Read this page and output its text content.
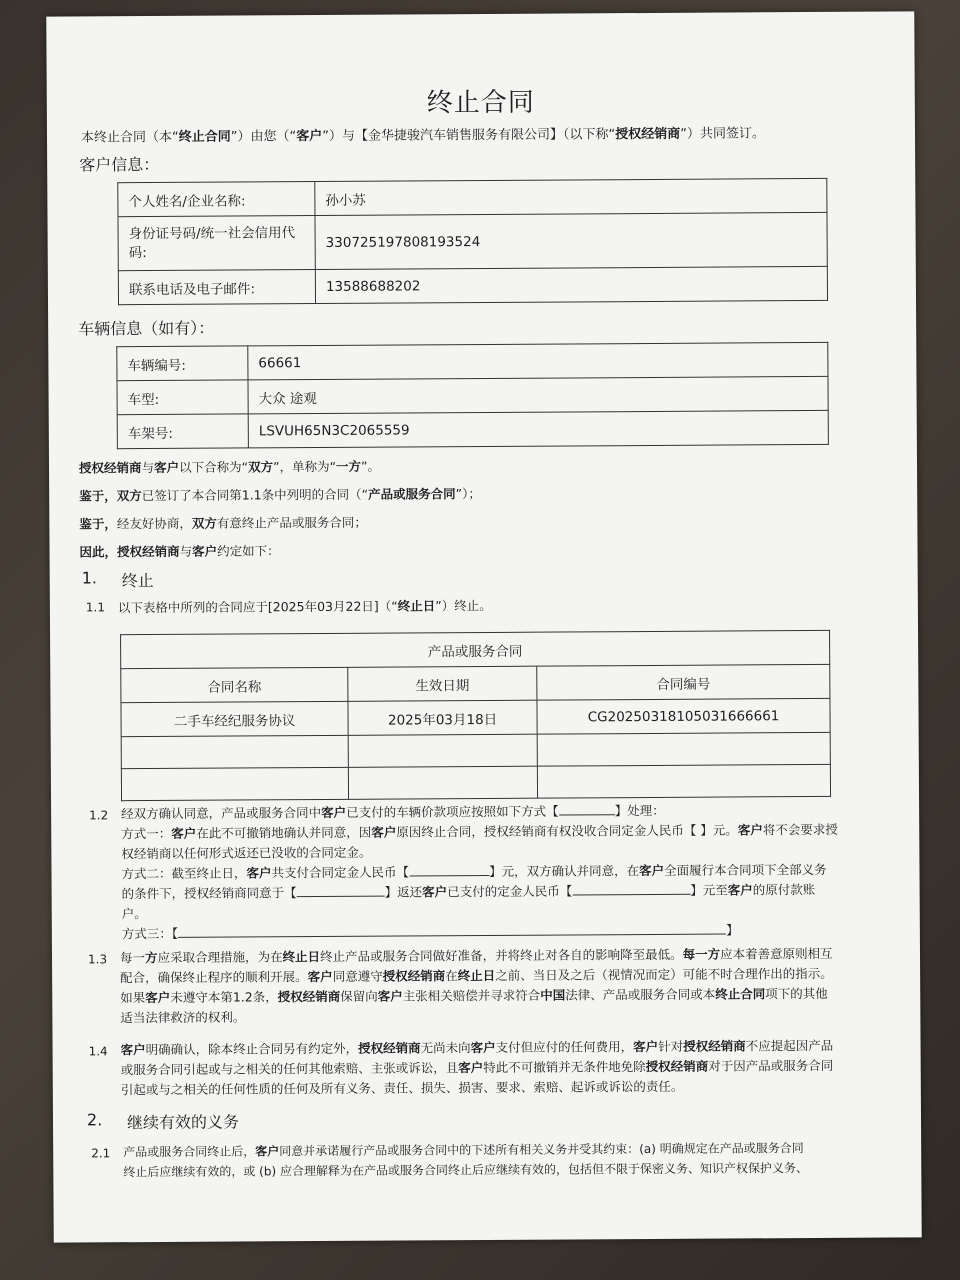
终止合同
本终止合同（本“终止合同”）由您（“客户”）与【金华捷骏汽车销售服务有限公司】（以下称“授权经销商”）共同签订。
客户信息：
个人姓名/企业名称:	孙小苏
身份证号码/统一社会信用代码:	330725197808193524
联系电话及电子邮件:	13588688202
车辆信息（如有）：
车辆编号:	66661
车型:	大众 途观
车架号:	LSVUH65N3C2065559
授权经销商与客户以下合称为“双方”，单称为“一方”。
鉴于，双方已签订了本合同第1.1条中列明的合同（“产品或服务合同”）；
鉴于，经友好协商，双方有意终止产品或服务合同；
因此，授权经销商与客户约定如下：
1. 终止
1.1 以下表格中所列的合同应于[2025年03月22日]（“终止日”）终止。
产品或服务合同		
合同名称	生效日期	合同编号
二手车经纪服务协议	2025年03月18日	CG20250318105031666661

1.2 经双方确认同意，产品或服务合同中客户已支付的车辆价款项应按照如下方式【	】处理：
方式一：客户在此不可撤销地确认并同意，因客户原因终止合同，授权经销商有权没收合同定金人民币【 】元。客户将不会要求授
权经销商以任何形式返还已没收的合同定金。
方式二：截至终止日，客户共支付合同定金人民币【	】元，双方确认并同意，在客户全面履行本合同项下全部义务
的条件下，授权经销商同意于【	】返还客户已支付的定金人民币【	】元至客户的原付款账
户。
方式三：【	】
1.3 每一方应采取合理措施，为在终止日终止产品或服务合同做好准备，并将终止对各自的影响降至最低。每一方应本着善意原则相互
配合，确保终止程序的顺利开展。客户同意遵守授权经销商在终止日之前、当日及之后（视情况而定）可能不时合理作出的指示。
如果客户未遵守本第1.2条，授权经销商保留向客户主张相关赔偿并寻求符合中国法律、产品或服务合同或本终止合同项下的其他
适当法律救济的权利。
1.4 客户明确确认，除本终止合同另有约定外，授权经销商无尚未向客户支付但应付的任何费用，客户针对授权经销商不应提起因产品
或服务合同引起或与之相关的任何其他索赔、主张或诉讼，且客户特此不可撤销并无条件地免除授权经销商对于因产品或服务合同
引起或与之相关的任何性质的任何及所有义务、责任、损失、损害、要求、索赔、起诉或诉讼的责任。
2. 继续有效的义务
2.1 产品或服务合同终止后，客户同意并承诺履行产品或服务合同中的下述所有相关义务并受其约束：(a) 明确规定在产品或服务合同
终止后应继续有效的，或 (b) 应合理解释为在产品或服务合同终止后应继续有效的，包括但不限于保密义务、知识产权保护义务、
